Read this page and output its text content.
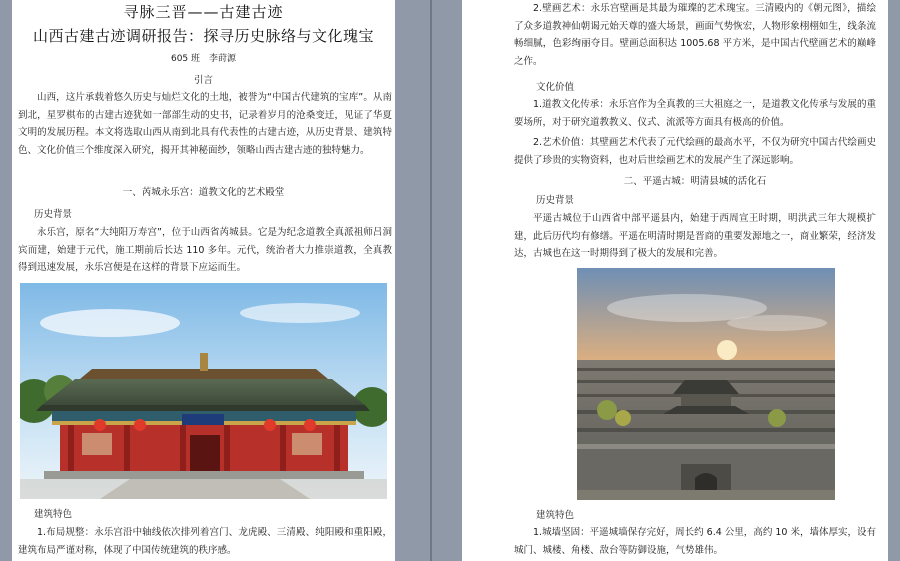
寻脉三晋——古建古迹
山西古建古迹调研报告：探寻历史脉络与文化瑰宝
605 班　李莳源
引言
山西，这片承载着悠久历史与灿烂文化的土地，被誉为“中国古代建筑的宝库”。从南到北，星罗棋布的古建古迹犹如一部部生动的史书，记录着岁月的沧桑变迁，见证了华夏文明的发展历程。本文将选取山西从南到北具有代表性的古建古迹，从历史背景、建筑特色、文化价值三个维度深入研究，揭开其神秘面纱，领略山西古建古迹的独特魅力。
一、芮城永乐宫：道教文化的艺术殿堂
历史背景
永乐宫，原名“大纯阳万寿宫”，位于山西省芮城县。它是为纪念道教全真派祖师吕洞宾而建，始建于元代，施工期前后长达 110 多年。元代，统治者大力推崇道教，全真教得到迅速发展，永乐宫便是在这样的背景下应运而生。
建筑特色
1.布局规整：永乐宫沿中轴线依次排列着宫门、龙虎殿、三清殿、纯阳殿和重阳殿，建筑布局严谨对称，体现了中国传统建筑的秩序感。
2.壁画艺术：永乐宫壁画是其最为璀璨的艺术瑰宝。三清殿内的《朝元图》，描绘了众多道教神仙朝谒元始天尊的盛大场景，画面气势恢宏，人物形象栩栩如生，线条流畅细腻，色彩绚丽夺目。壁画总面积达 1005.68 平方米，是中国古代壁画艺术的巅峰之作。
文化价值
1.道教文化传承：永乐宫作为全真教的三大祖庭之一，是道教文化传承与发展的重要场所，对于研究道教教义、仪式、流派等方面具有极高的价值。
2.艺术价值：其壁画艺术代表了元代绘画的最高水平，不仅为研究中国古代绘画史提供了珍贵的实物资料，也对后世绘画艺术的发展产生了深远影响。
二、平遥古城：明清县城的活化石
历史背景
平遥古城位于山西省中部平遥县内，始建于西周宣王时期，明洪武三年大规模扩建，此后历代均有修缮。平遥在明清时期是晋商的重要发源地之一，商业繁荣，经济发达，古城也在这一时期得到了极大的发展和完善。
建筑特色
1.城墙坚固：平遥城墙保存完好，周长约 6.4 公里，高约 10 米，墙体厚实，设有城门、城楼、角楼、敌台等防御设施，气势雄伟。
